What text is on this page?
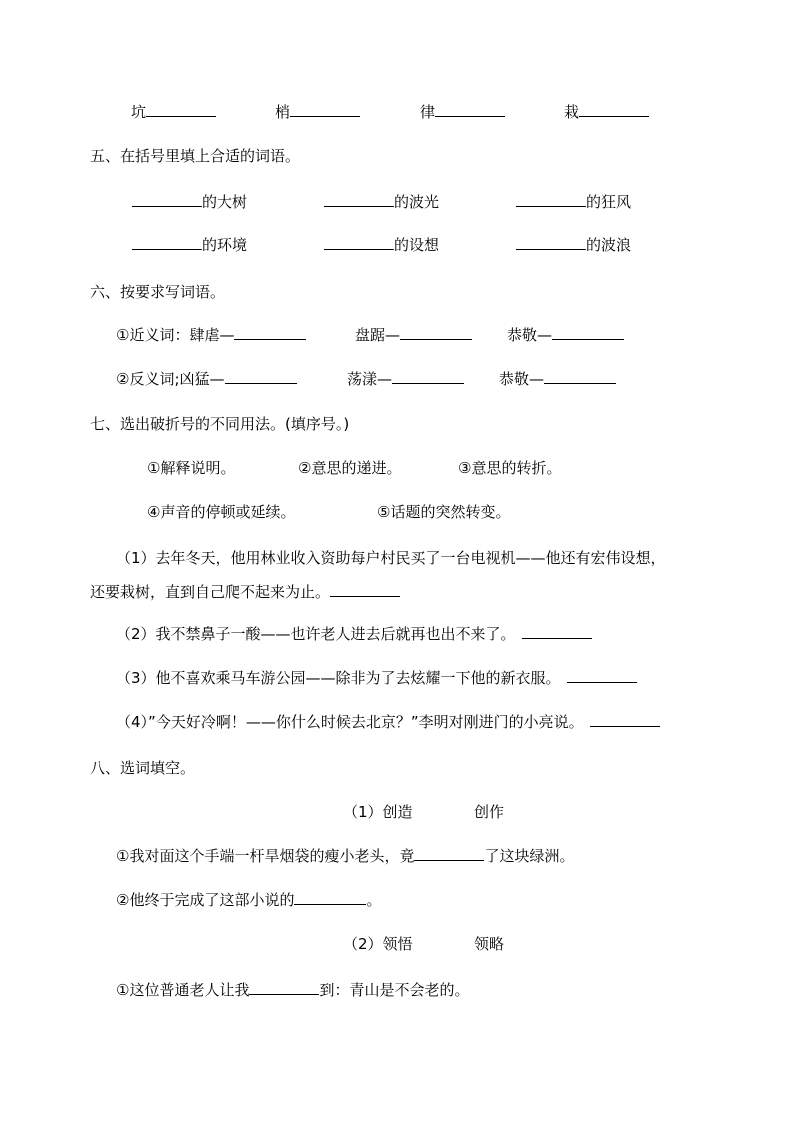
坑	梢	律	栽
五、在括号里填上合适的词语。
的大树	的波光	的狂风
的环境	的设想	的波浪
六、按要求写词语。
①近义词：肆虐—	盘踞—	恭敬—
②反义词;凶猛—	荡漾—	恭敬—
七、选出破折号的不同用法。(填序号。)
①解释说明。	②意思的递进。	③意思的转折。
④声音的停顿或延续。	⑤话题的突然转变。
（1）去年冬天，他用林业收入资助每户村民买了一台电视机——他还有宏伟设想，
还要栽树，直到自己爬不起来为止。
（2）我不禁鼻子一酸——也许老人进去后就再也出不来了。
（3）他不喜欢乘马车游公园——除非为了去炫耀一下他的新衣服。
（4）”今天好冷啊！——你什么时候去北京？”李明对刚进门的小亮说。
八、选词填空。
（1）创造	创作
①我对面这个手端一杆旱烟袋的瘦小老头，竟	了这块绿洲。
②他终于完成了这部小说的	。
（2）领悟	领略
①这位普通老人让我	到：青山是不会老的。
